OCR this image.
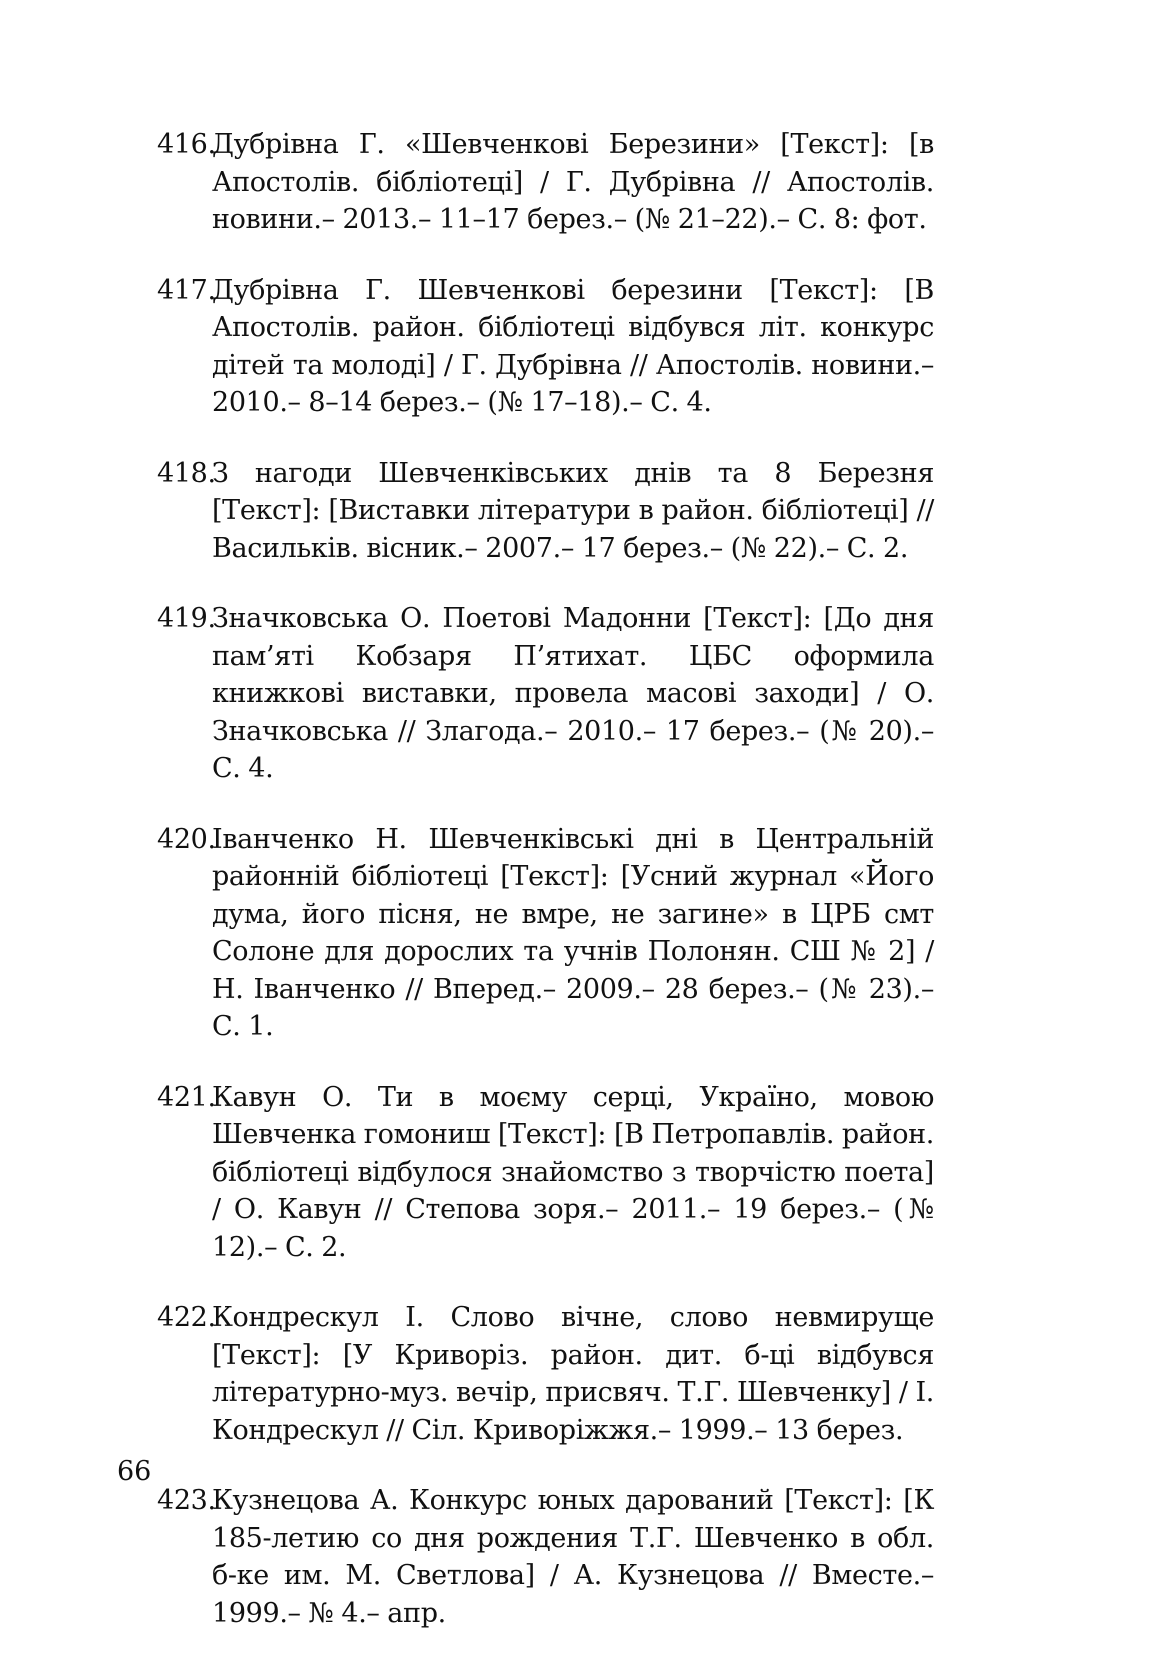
416.
Дубрівна Г. «Шевченкові Березини» [Текст]: [в Апостолів. бібліотеці] / Г. Дубрівна // Апостолів. новини.– 2013.– 11–17 берез.– (№ 21–22).– С. 8: фот.
417.
Дубрівна Г. Шевченкові березини [Текст]: [В Апостолів. район. бібліотеці відбувся літ. конкурс дітей та молоді] / Г. Дубрівна // Апостолів. новини.– 2010.– 8–14 берез.– (№ 17–18).– С. 4.
418.
З нагоди Шевченківських днів та 8 Березня [Текст]: [Виставки літератури в район. бібліотеці] // Васильків. вісник.– 2007.– 17 берез.– (№ 22).– С. 2.
419.
Значковська О. Поетові Мадонни [Текст]: [До дня пам’яті Кобзаря П’ятихат. ЦБС оформила книжкові виставки, провела масові заходи] / О. Значковська // Злагода.– 2010.– 17 берез.– (№ 20).– С. 4.
420.
Іванченко Н. Шевченківські дні в Центральній районній бібліотеці [Текст]: [Усний журнал «Його дума, його пісня, не вмре, не загине» в ЦРБ смт Солоне для дорослих та учнів Полонян. СШ № 2] / Н. Іванченко // Вперед.– 2009.– 28 берез.– (№ 23).– С. 1.
421.
Кавун О. Ти в моєму серці, Україно, мовою Шевченка гомониш [Текст]: [В Петропавлів. район. бібліотеці відбулося знайомство з творчістю поета] / О. Кавун // Степова зоря.– 2011.– 19 берез.– (№ 12).– С. 2.
422.
Кондрескул І. Слово вічне, слово невмируще [Текст]: [У Криворіз. район. дит. б-ці відбувся літературно-муз. вечір, присвяч. Т.Г. Шевченку] / І. Кондрескул // Сіл. Криворіжжя.– 1999.– 13 берез.
423.
Кузнецова А. Конкурс юных дарований [Текст]: [К 185-летию со дня рождения Т.Г. Шевченко в обл. б-ке им. М. Светлова] / А. Кузнецова // Вместе.– 1999.– № 4.– апр.
66
